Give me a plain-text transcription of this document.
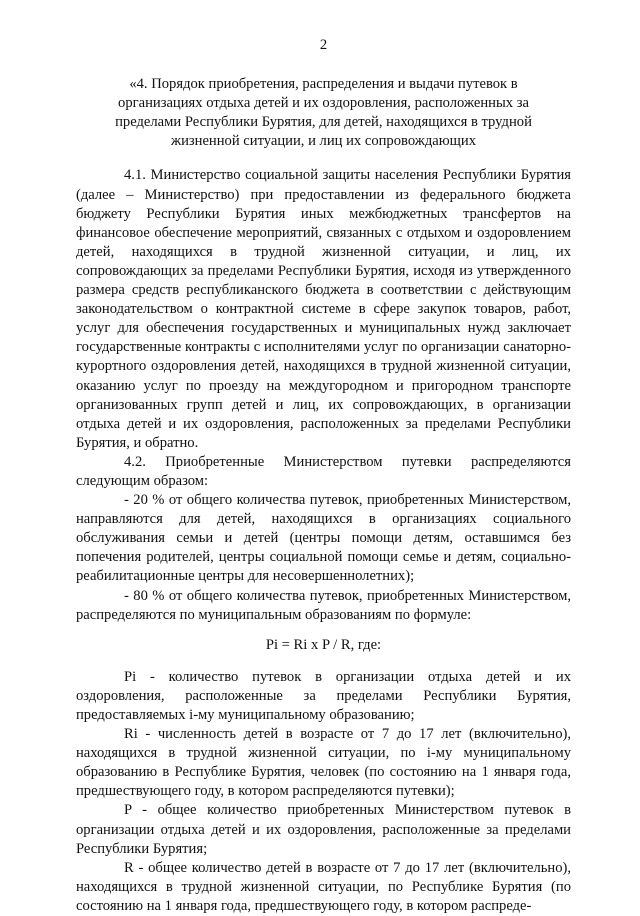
2
«4. Порядок приобретения, распределения и выдачи путевок в организациях отдыха детей и их оздоровления, расположенных за пределами Республики Бурятия, для детей, находящихся в трудной жизненной ситуации, и лиц их сопровождающих

4.1. Министерство социальной защиты населения Республики Бурятия (далее – Министерство) при предоставлении из федерального бюджета бюджету Республики Бурятия иных межбюджетных трансфертов на финансовое обеспечение мероприятий, связанных с отдыхом и оздоровлением детей, находящихся в трудной жизненной ситуации, и лиц, их сопровождающих за пределами Республики Бурятия, исходя из утвержденного размера средств республиканского бюджета в соответствии с действующим законодательством о контрактной системе в сфере закупок товаров, работ, услуг для обеспечения государственных и муниципальных нужд заключает государственные контракты с исполнителями услуг по организации санаторно-курортного оздоровления детей, находящихся в трудной жизненной ситуации, оказанию услуг по проезду на междугородном и пригородном транспорте организованных групп детей и лиц, их сопровождающих, в организации отдыха детей и их оздоровления, расположенных за пределами Республики Бурятия, и обратно.

4.2. Приобретенные Министерством путевки распределяются следующим образом:

- 20 % от общего количества путевок, приобретенных Министерством, направляются для детей, находящихся в организациях социального обслуживания семьи и детей (центры помощи детям, оставшимся без попечения родителей, центры социальной помощи семье и детям, социально-реабилитационные центры для несовершеннолетних);

- 80 % от общего количества путевок, приобретенных Министерством, распределяются по муниципальным образованиям по формуле:

Pi = Ri x P / R, где:

Pi - количество путевок в организации отдыха детей и их оздоровления, расположенные за пределами Республики Бурятия, предоставляемых i-му муниципальному образованию;

Ri - численность детей в возрасте от 7 до 17 лет (включительно), находящихся в трудной жизненной ситуации, по i-му муниципальному образованию в Республике Бурятия, человек (по состоянию на 1 января года, предшествующего году, в котором распределяются путевки);

P - общее количество приобретенных Министерством путевок в организации отдыха детей и их оздоровления, расположенные за пределами Республики Бурятия;

R - общее количество детей в возрасте от 7 до 17 лет (включительно), находящихся в трудной жизненной ситуации, по Республике Бурятия (по состоянию на 1 января года, предшествующего году, в котором распреде-
